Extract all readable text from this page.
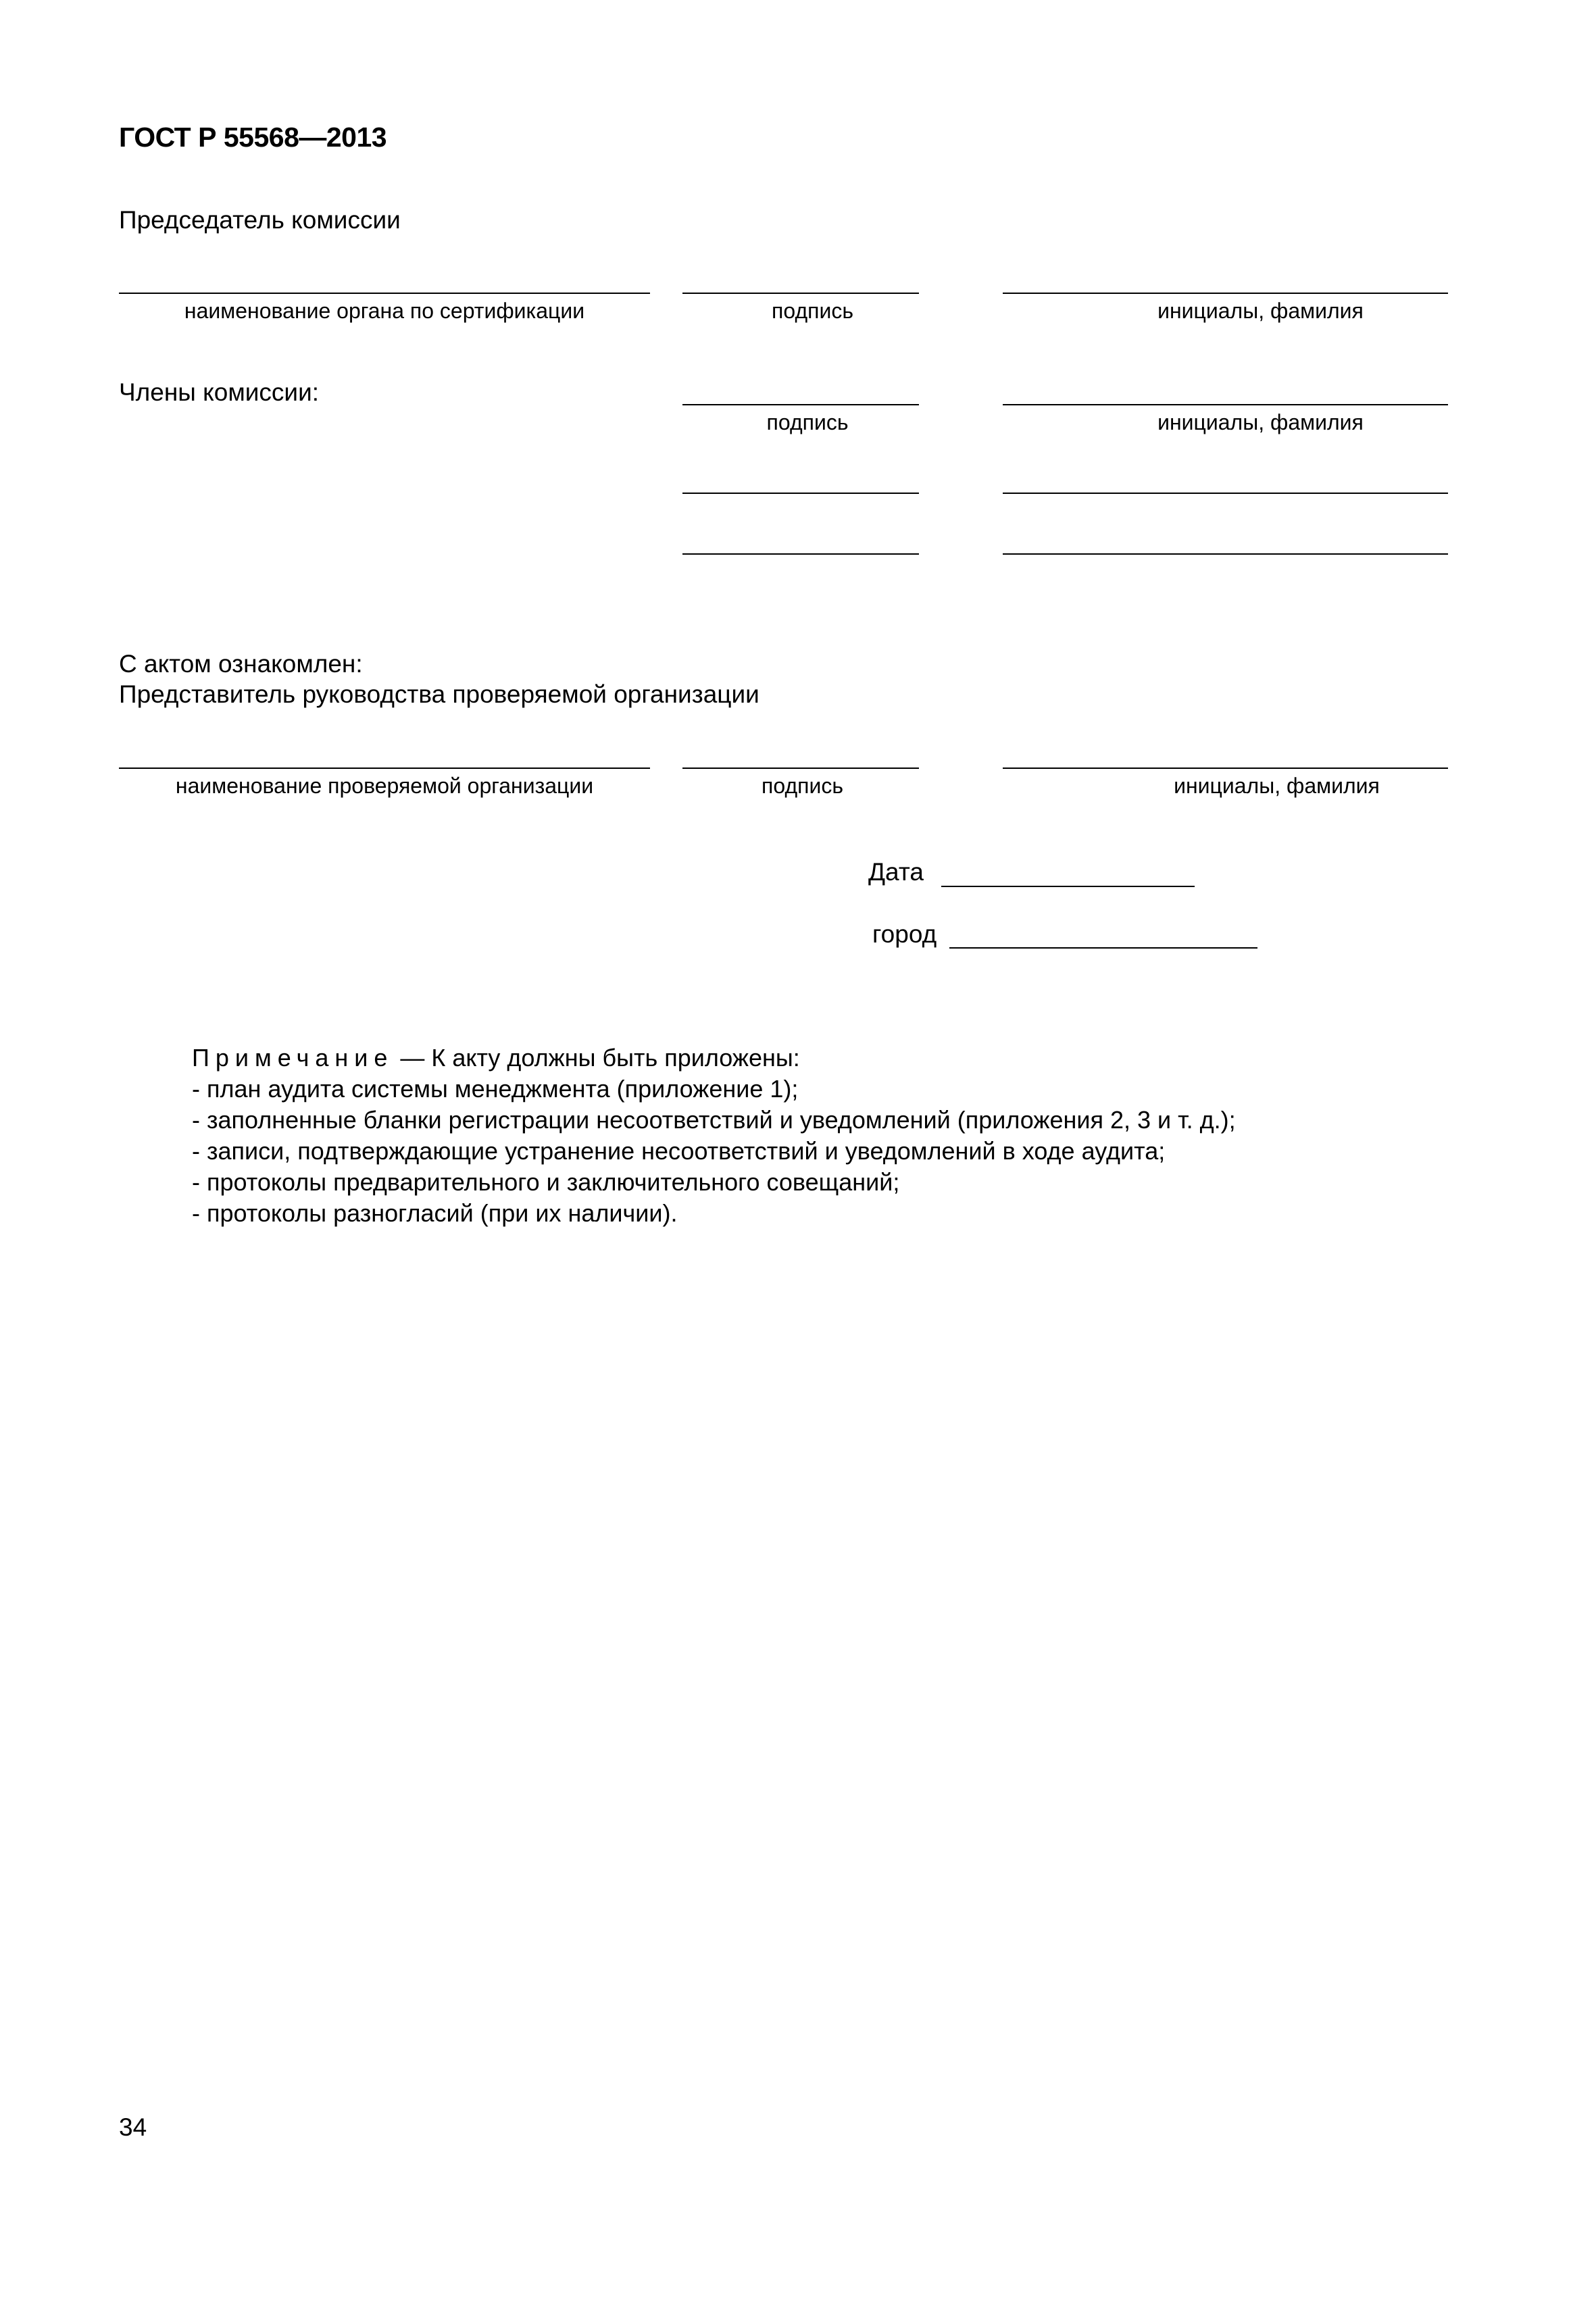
ГОСТ Р 55568—2013
Председатель комиссии
наименование органа по сертификации	подпись	инициалы, фамилия
Члены комиссии:
подпись	инициалы, фамилия
С актом ознакомлен:
Представитель руководства проверяемой организации
наименование проверяемой организации	подпись	инициалы, фамилия
Дата
город
Примечание — К акту должны быть приложены:
- план аудита системы менеджмента (приложение 1);
- заполненные бланки регистрации несоответствий и уведомлений (приложения 2, 3 и т. д.);
- записи, подтверждающие устранение несоответствий и уведомлений в ходе аудита;
- протоколы предварительного и заключительного совещаний;
- протоколы разногласий (при их наличии).
34
